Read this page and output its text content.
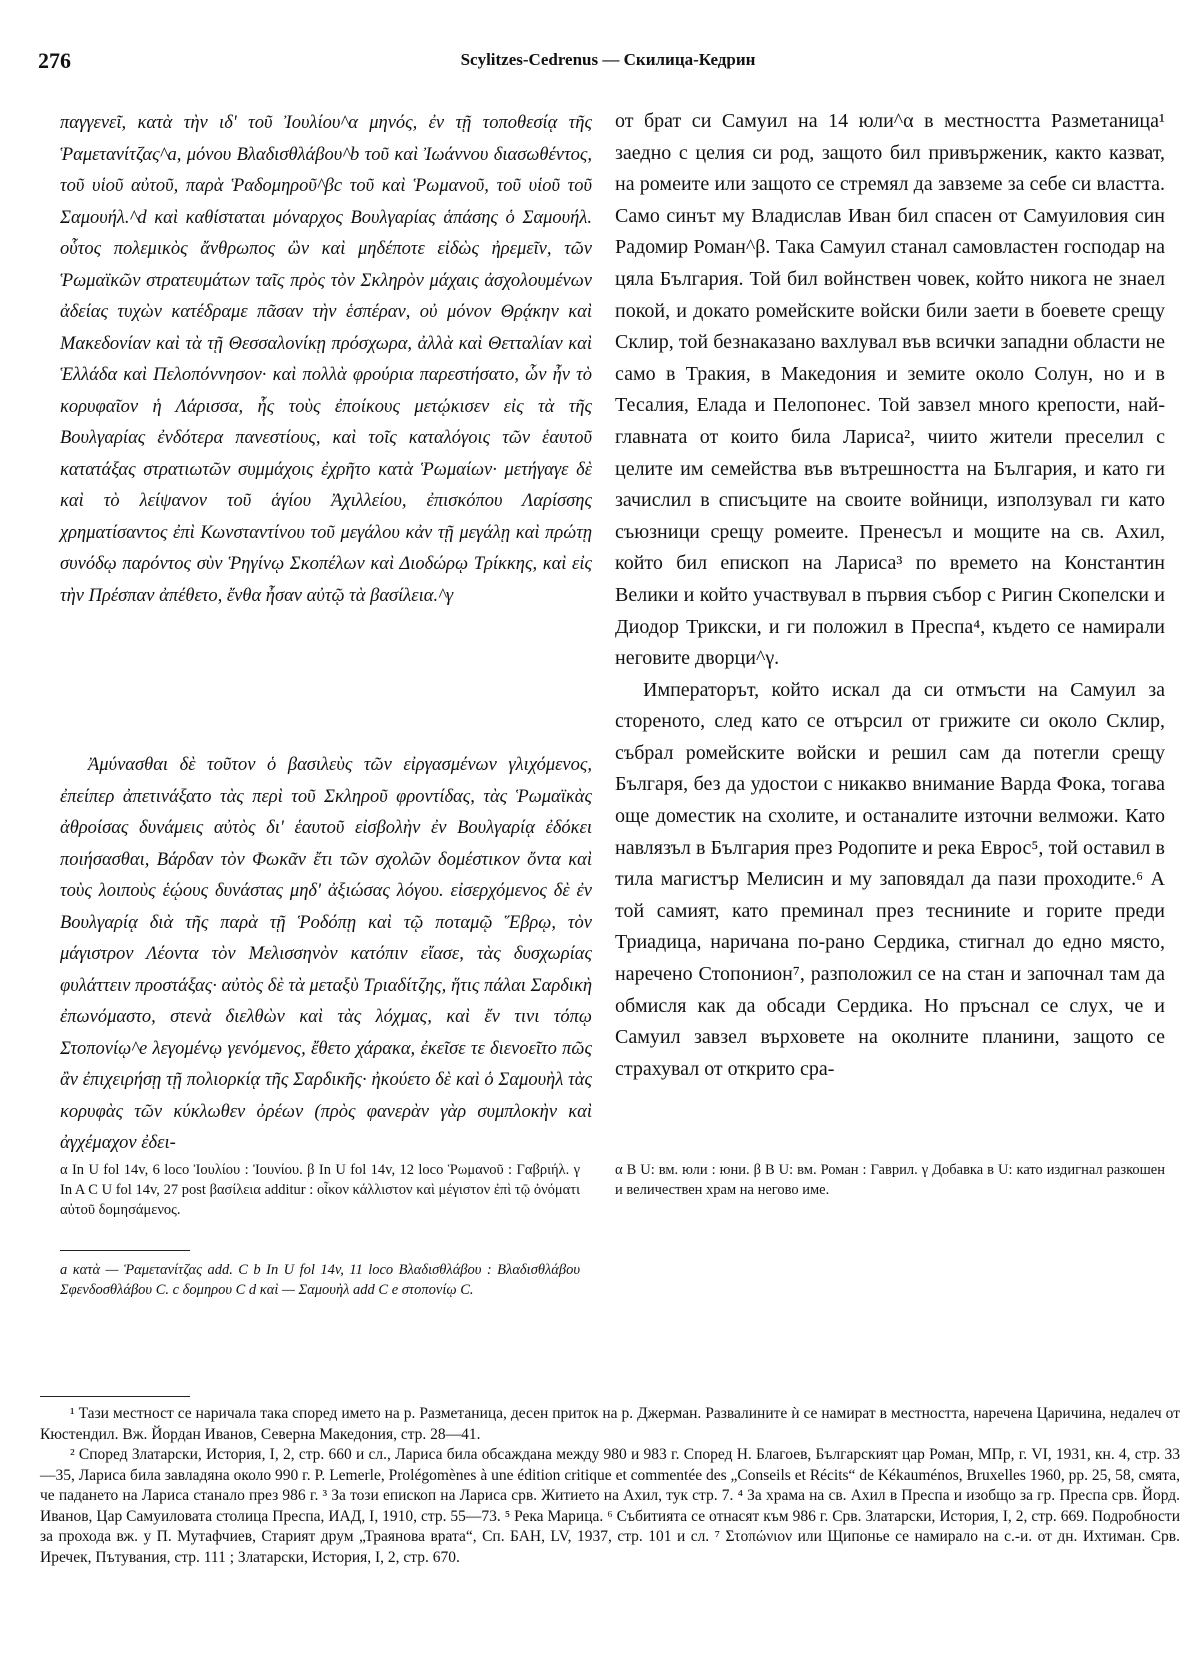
276	Scylitzes-Cedrenus — Скилица-Кедрин

παγγενεῖ, κατὰ τὴν ιδ' τοῦ Ἰουλίου^α μηνός, ἐν τῇ τοποθεσίᾳ τῆς Ῥαμετανίτζας^a, μόνου Βλαδισθλάβου^b τοῦ καὶ Ἰωάννου διασωθέντος, τοῦ υἱοῦ αὐτοῦ, παρὰ Ῥαδομηροῦ^βc τοῦ καὶ Ῥωμανοῦ, τοῦ υἱοῦ τοῦ Σαμουήλ.^d καὶ καθίσταται μόναρχος Βουλγαρίας ἁπάσης ὁ Σαμουήλ. οὗτος πολεμικὸς ἄνθρωπος ὢν καὶ μηδέποτε εἰδὼς ἠρεμεῖν, τῶν Ῥωμαϊκῶν στρατευμάτων ταῖς πρὸς τὸν Σκληρὸν μάχαις ἀσχολουμένων ἀδείας τυχὼν κατέδραμε πᾶσαν τὴν ἑσπέραν, οὐ μόνον Θρᾴκην καὶ Μακεδονίαν καὶ τὰ τῇ Θεσσαλονίκῃ πρόσχωρα, ἀλλὰ καὶ Θετταλίαν καὶ Ἑλλάδα καὶ Πελοπόννησον· καὶ πολλὰ φρούρια παρεστήσατο, ὧν ἦν τὸ κορυφαῖον ἡ Λάρισσα, ἧς τοὺς ἐποίκους μετῴκισεν εἰς τὰ τῆς Βουλγαρίας ἐνδότερα πανεστίους, καὶ τοῖς καταλόγοις τῶν ἑαυτοῦ κατατάξας στρατιωτῶν συμμάχοις ἐχρῆτο κατὰ Ῥωμαίων· μετήγαγε δὲ καὶ τὸ λείψανον τοῦ ἁγίου Ἀχιλλείου, ἐπισκόπου Λαρίσσης χρηματίσαντος ἐπὶ Κωνσταντίνου τοῦ μεγάλου κἀν τῇ μεγάλῃ καὶ πρώτῃ συνόδῳ παρόντος σὺν Ῥηγίνῳ Σκοπέλων καὶ Διοδώρῳ Τρίκκης, καὶ εἰς τὴν Πρέσπαν ἀπέθετο, ἔνθα ἦσαν αὐτῷ τὰ βασίλεια.^γ

Ἀμύνασθαι δὲ τοῦτον ὁ βασιλεὺς τῶν εἰργασμένων γλιχόμενος, ἐπείπερ ἀπετινάξατο τὰς περὶ τοῦ Σκληροῦ φροντίδας, τὰς Ῥωμαϊκὰς ἀθροίσας δυνάμεις αὐτὸς δι' ἑαυτοῦ εἰσβολὴν ἐν Βουλγαρίᾳ ἐδόκει ποιήσασθαι, Βάρδαν τὸν Φωκᾶν ἔτι τῶν σχολῶν δομέστικον ὄντα καὶ τοὺς λοιποὺς ἑῴους δυνάστας μηδ' ἀξιώσας λόγου. εἰσερχόμενος δὲ ἐν Βουλγαρίᾳ διὰ τῆς παρὰ τῇ Ῥοδόπῃ καὶ τῷ ποταμῷ Ἕβρῳ, τὸν μάγιστρον Λέοντα τὸν Μελισσηνὸν κατόπιν εἴασε, τὰς δυσχωρίας φυλάττειν προστάξας· αὐτὸς δὲ τὰ μεταξὺ Τριαδίτζης, ἥτις πάλαι Σαρδικὴ ἐπωνόμαστο, στενὰ διελθὼν καὶ τὰς λόχμας, καὶ ἔν τινι τόπῳ Στοπονίῳ^e λεγομένῳ γενόμενος, ἔθετο χάρακα, ἐκεῖσε τε διενοεῖτο πῶς ἂν ἐπιχειρήσῃ τῇ πολιορκίᾳ τῆς Σαρδικῆς· ἠκούετο δὲ καὶ ὁ Σαμουὴλ τὰς κορυφὰς τῶν κύκλωθεν ὀρέων (πρὸς φανερὰν γὰρ συμπλοκὴν καὶ ἀγχέμαχον ἐδει-

от брат си Самуил на 14 юли^α в местността Разметаница¹ заедно с целия си род, защото бил привърженик, както казват, на ромеите или защото се стремял да завземе за себе си властта. Само синът му Владислав Иван бил спасен от Самуиловия син Радомир Роман^β. Така Самуил станал самовластен господар на цяла България. Той бил войнствен човек, който никога не знаел покой, и докато ромейските войски били заети в боевете срещу Склир, той безнаказано вахлувал във всички западни области не само в Тракия, в Македония и земите около Солун, но и в Тесалия, Елада и Пелопонес. Той завзел много крепости, най-главната от които била Лариса², чиито жители преселил с целите им семейства във вътрешността на България, и като ги зачислил в списъците на своите войници, използувал ги като съюзници срещу ромеите. Пренесъл и мощите на св. Ахил, който бил епископ на Лариса³ по времето на Константин Велики и който участвувал в първия събор с Ригин Скопелски и Диодор Трикски, и ги положил в Преспа⁴, където се намирали неговите дворци^γ.

Императорът, който искал да си отмъсти на Самуил за стореното, след като се отърсил от грижите си около Склир, събрал ромейските войски и решил сам да потегли срещу Българя, без да удостои с никакво внимание Варда Фока, тогава още доместик на схолите, и останалите източни велможи. Като навлязъл в България през Родопите и река Еврос⁵, той оставил в тила магистър Мелисин и му заповядал да пази проходите.⁶ А той самият, като преминал през тесниниte и горите преди Триадица, наричана по-рано Сердика, стигнал до едно място, наречено Стопонион⁷, разположил се на стан и започнал там да обмисля как да обсади Сердика. Но пръснал се слух, че и Самуил завзел върховете на околните планини, защото се страхувал от открито сра-

α In U fol 14v, 6 loco Ἰουλίου : Ἰουνίου. β In U fol 14v, 12 loco Ῥωμανοῦ : Γαβριήλ. γ In A C U fol 14v, 27 post βασίλεια additur : οἶκον κάλλιστον καὶ μέγιστον ἐπὶ τῷ ὀνόματι αὐτοῦ δομησάμενος.
a κατὰ — Ῥαμετανίτζας add. C b In U fol 14v, 11 loco Βλαδισθλάβου : Βλαδισθλάβου Σφενδοσθλάβου C. c δομηρου C d καὶ — Σαμουὴλ add C e στοπονίῳ C.
α В U: вм. юли : юни. β В U: вм. Роман : Гаврил. γ Добавка в U: като издигнал разкошен и величествен храм на негово име.

¹ Тази местност се наричала така според името на р. Разметаница, десен приток на р. Джерман. Развалините ѝ се намират в местността, наречена Царичина, недалеч от Кюстендил. Вж. Йордан Иванов, Северна Македония, стр. 28—41.

² Според Златарски, История, I, 2, стр. 660 и сл., Лариса била обсаждана между 980 и 983 г. Според Н. Благоев, Българският цар Роман, МПр, г. VI, 1931, кн. 4, стр. 33—35, Лариса била завладяна около 990 г. P. Lemerle, Prolégomènes à une édition critique et commentée des „Conseils et Récits“ de Kékauménos, Bruxelles 1960, pp. 25, 58, смята, че падането на Лариса станало през 986 г. ³ За този епископ на Лариса срв. Житието на Ахил, тук стр. 7. ⁴ За храма на св. Ахил в Преспа и изобщо за гр. Преспа срв. Йорд. Иванов, Цар Самуиловата столица Преспа, ИАД, I, 1910, стр. 55—73. ⁵ Река Марица. ⁶ Събитията се отнасят към 986 г. Срв. Златарски, История, I, 2, стр. 669. Подробности за прохода вж. у П. Мутафчиев, Старият друм „Траянова врата“, Сп. БАН, LV, 1937, стр. 101 и сл. ⁷ Στοπώνιον или Щипоньe се намирало на с.-и. от дн. Ихтиман. Срв. Иречек, Пътувания, стр. 111 ; Златарски, История, I, 2, стр. 670.
